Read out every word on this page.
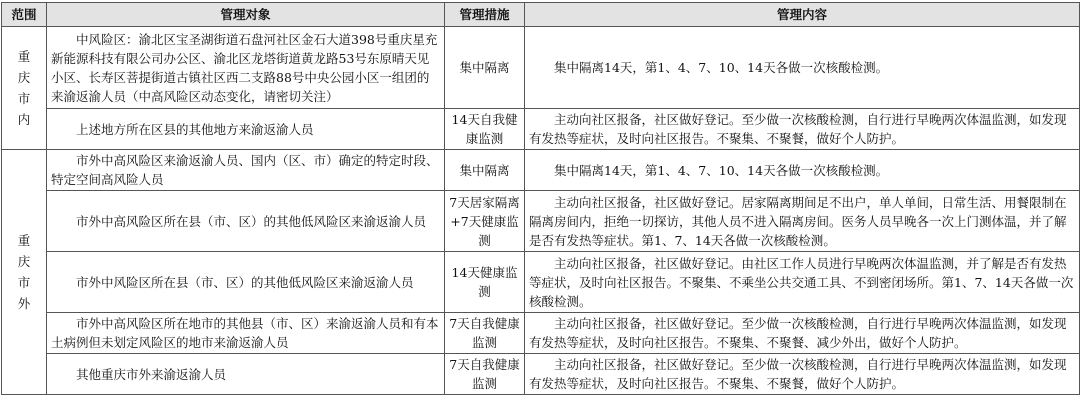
范围	管理对象	管理措施	管理内容
重庆市内	中风险区：渝北区宝圣湖街道石盘河社区金石大道398号重庆星充新能源科技有限公司办公区、渝北区龙塔街道黄龙路53号东原晴天见小区、长寿区菩提街道古镇社区西二支路88号中央公园小区一组团的来渝返渝人员（中高风险区动态变化，请密切关注）	集中隔离	集中隔离14天，第1、4、7、10、14天各做一次核酸检测。
	上述地方所在区县的其他地方来渝返渝人员	14天自我健康监测	主动向社区报备，社区做好登记。至少做一次核酸检测，自行进行早晚两次体温监测，如发现有发热等症状，及时向社区报告。不聚集、不聚餐，做好个人防护。
重庆市外	市外中高风险区来渝返渝人员、国内（区、市）确定的特定时段、特定空间高风险人员	集中隔离	集中隔离14天，第1、4、7、10、14天各做一次核酸检测。
	市外中高风险区所在县（市、区）的其他低风险区来渝返渝人员	7天居家隔离+7天健康监测	主动向社区报备，社区做好登记。居家隔离期间足不出户，单人单间，日常生活、用餐限制在隔离房间内，拒绝一切探访，其他人员不进入隔离房间。医务人员早晚各一次上门测体温，并了解是否有发热等症状。第1、7、14天各做一次核酸检测。
	市外中风险区所在县（市、区）的其他低风险区来渝返渝人员	14天健康监测	主动向社区报备，社区做好登记。由社区工作人员进行早晚两次体温监测，并了解是否有发热等症状，及时向社区报告。不聚集、不乘坐公共交通工具、不到密闭场所。第1、7、14天各做一次核酸检测。
	市外中高风险区所在地市的其他县（市、区）来渝返渝人员和有本土病例但未划定风险区的地市来渝返渝人员	7天自我健康监测	主动向社区报备，社区做好登记。至少做一次核酸检测，自行进行早晚两次体温监测，如发现有发热等症状，及时向社区报告。不聚集、不聚餐、减少外出，做好个人防护。
	其他重庆市外来渝返渝人员	7天自我健康监测	主动向社区报备，社区做好登记。至少做一次核酸检测，自行进行早晚两次体温监测，如发现有发热等症状，及时向社区报告。不聚集、不聚餐，做好个人防护。
